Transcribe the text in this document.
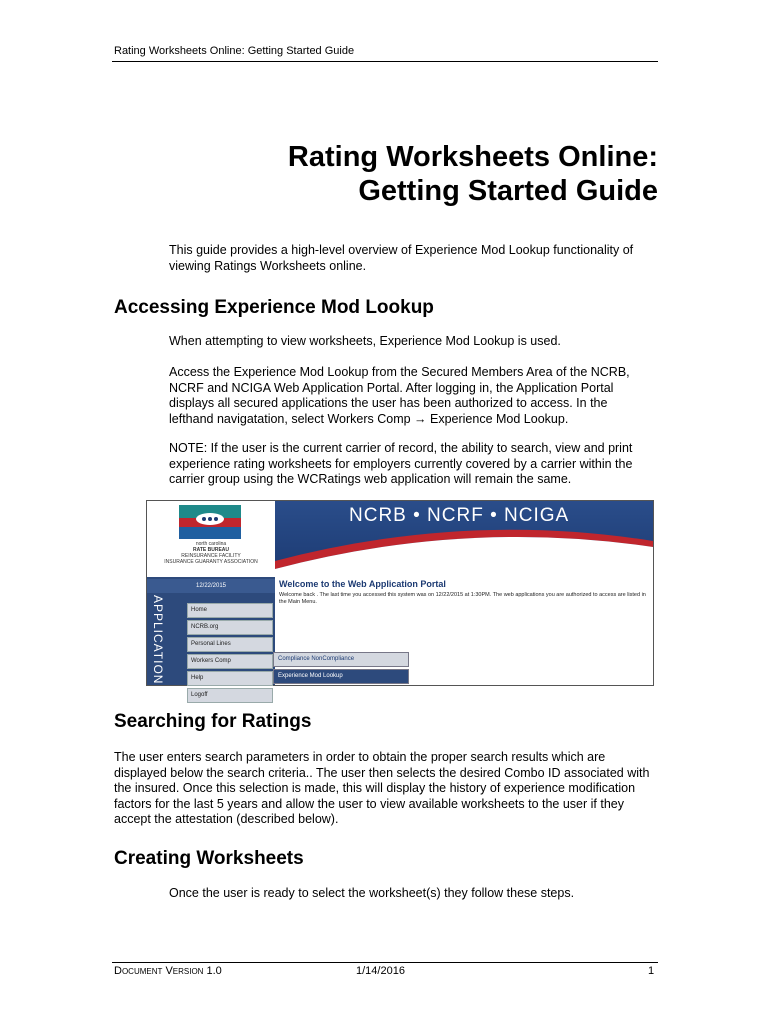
Rating Worksheets Online: Getting Started Guide
Rating Worksheets Online:
Getting Started Guide
This guide provides a high-level overview of Experience Mod Lookup functionality of viewing Ratings Worksheets online.
Accessing Experience Mod Lookup
When attempting to view worksheets, Experience Mod Lookup is used.
Access the Experience Mod Lookup from the Secured Members Area of the NCRB, NCRF and NCIGA Web Application Portal. After logging in, the Application Portal displays all secured applications the user has been authorized to access. In the lefthand navigatation, select Workers Comp → Experience Mod Lookup.
NOTE: If the user is the current carrier of record, the ability to search, view and print experience rating worksheets for employers currently covered by a carrier within the carrier group using the WCRatings web application will remain the same.
north carolina
RATE BUREAU
REINSURANCE FACILITY
INSURANCE GUARANTY ASSOCIATION
NCRB • NCRF • NCIGA
12/22/2015
APPLICATION P	Home
NCRB.org
Personal Lines
Workers Comp
Help
Logoff
Welcome to the Web Application Portal
Welcome back . The last time you accessed this system was on 12/22/2015 at 1:30PM. The web applications you are authorized to access are listed in the Main Menu.
Compliance NonCompliance
Experience Mod Lookup
Searching for Ratings
The user enters search parameters in order to obtain the proper search results which are displayed below the search criteria.. The user then selects the desired Combo ID associated with the insured. Once this selection is made, this will display the history of experience modification factors for the last 5 years and allow the user to view available worksheets to the user if they accept the attestation (described below).
Creating Worksheets
Once the user is ready to select the worksheet(s) they follow these steps.
Document Version 1.0	1/14/2016	1
